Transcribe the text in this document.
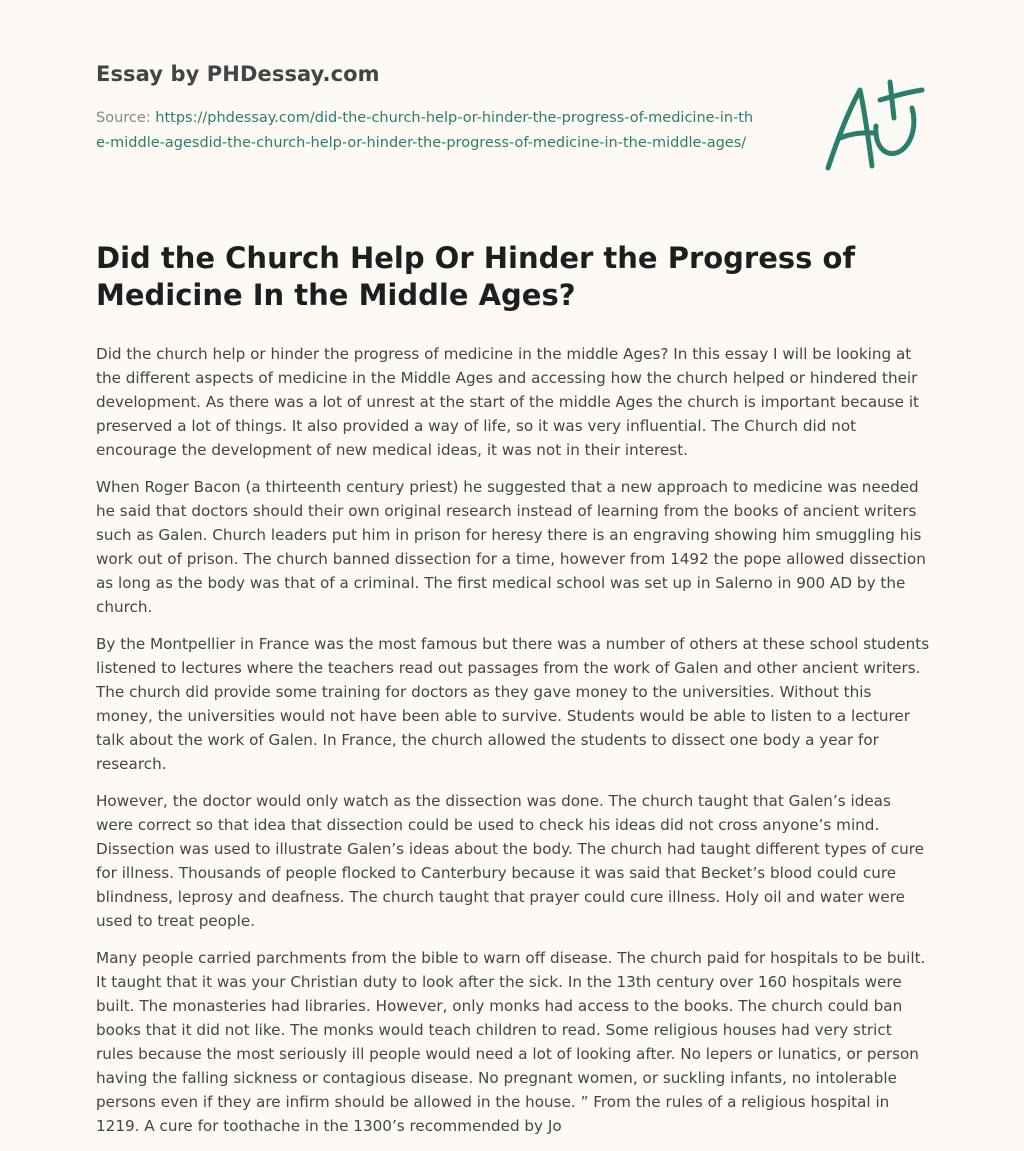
Essay by PHDessay.com
Source: https://phdessay.com/did-the-church-help-or-hinder-the-progress-of-medicine-in-the-middle-agesdid-the-church-help-or-hinder-the-progress-of-medicine-in-the-middle-ages/
Did the Church Help Or Hinder the Progress of Medicine In the Middle Ages?

Did the church help or hinder the progress of medicine in the middle Ages? In this essay I will be looking at the different aspects of medicine in the Middle Ages and accessing how the church helped or hindered their development. As there was a lot of unrest at the start of the middle Ages the church is important because it preserved a lot of things. It also provided a way of life, so it was very influential. The Church did not encourage the development of new medical ideas, it was not in their interest.

When Roger Bacon (a thirteenth century priest) he suggested that a new approach to medicine was needed he said that doctors should their own original research instead of learning from the books of ancient writers such as Galen. Church leaders put him in prison for heresy there is an engraving showing him smuggling his work out of prison. The church banned dissection for a time, however from 1492 the pope allowed dissection as long as the body was that of a criminal. The first medical school was set up in Salerno in 900 AD by the church.

By the Montpellier in France was the most famous but there was a number of others at these school students listened to lectures where the teachers read out passages from the work of Galen and other ancient writers. The church did provide some training for doctors as they gave money to the universities. Without this money, the universities would not have been able to survive. Students would be able to listen to a lecturer talk about the work of Galen. In France, the church allowed the students to dissect one body a year for research.

However, the doctor would only watch as the dissection was done. The church taught that Galen’s ideas were correct so that idea that dissection could be used to check his ideas did not cross anyone’s mind. Dissection was used to illustrate Galen’s ideas about the body. The church had taught different types of cure for illness. Thousands of people flocked to Canterbury because it was said that Becket’s blood could cure blindness, leprosy and deafness. The church taught that prayer could cure illness. Holy oil and water were used to treat people.

Many people carried parchments from the bible to warn off disease. The church paid for hospitals to be built. It taught that it was your Christian duty to look after the sick. In the 13th century over 160 hospitals were built. The monasteries had libraries. However, only monks had access to the books. The church could ban books that it did not like. The monks would teach children to read. Some religious houses had very strict rules because the most seriously ill people would need a lot of looking after. No lepers or lunatics, or person having the falling sickness or contagious disease. No pregnant women, or suckling infants, no intolerable persons even if they are infirm should be allowed in the house. ” From the rules of a religious hospital in 1219. A cure for toothache in the 1300’s recommended by Jo
